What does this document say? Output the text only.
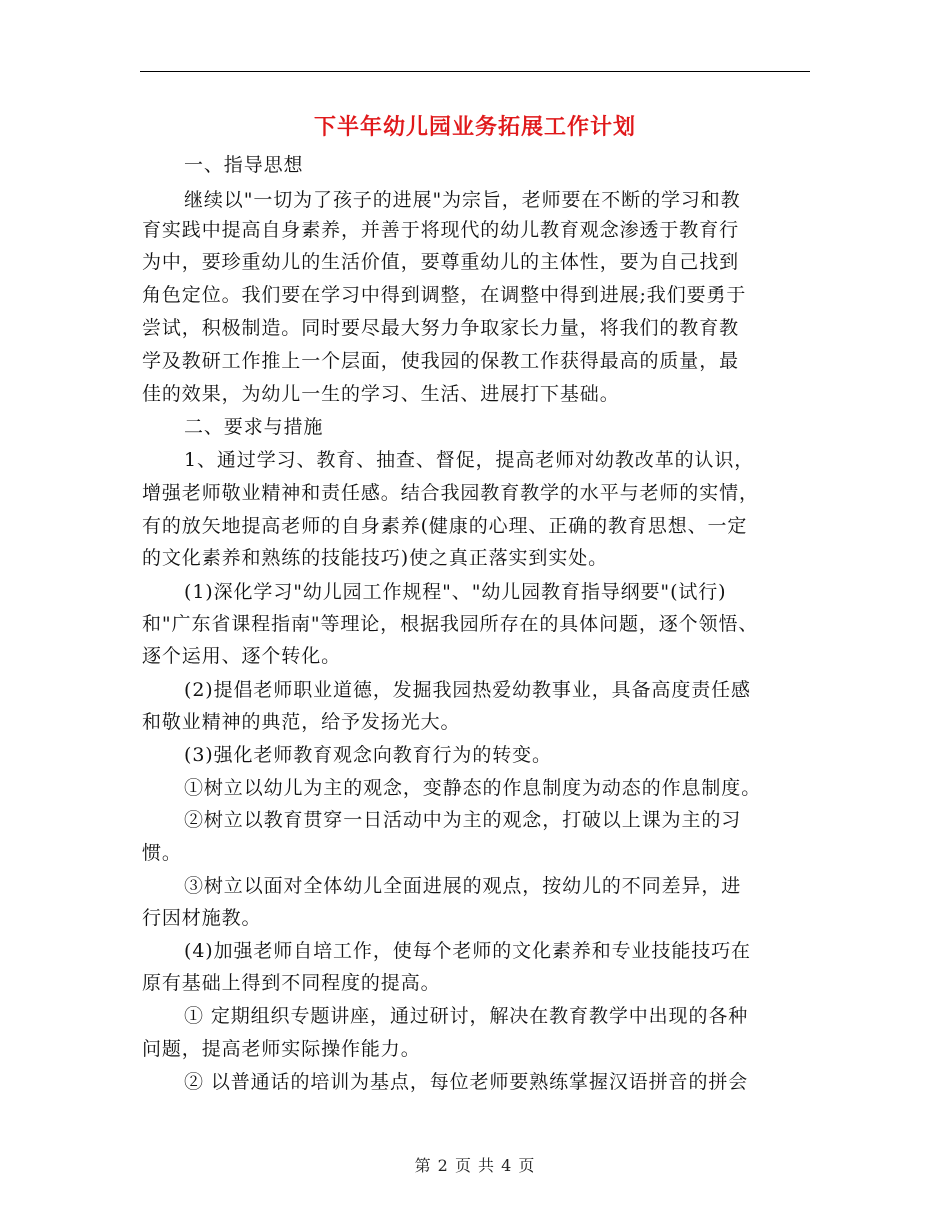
下半年幼儿园业务拓展工作计划
一、指导思想
继续以"一切为了孩子的进展"为宗旨，老师要在不断的学习和教
育实践中提高自身素养，并善于将现代的幼儿教育观念渗透于教育行
为中，要珍重幼儿的生活价值，要尊重幼儿的主体性，要为自己找到
角色定位。我们要在学习中得到调整，在调整中得到进展;我们要勇于
尝试，积极制造。同时要尽最大努力争取家长力量，将我们的教育教
学及教研工作推上一个层面，使我园的保教工作获得最高的质量，最
佳的效果，为幼儿一生的学习、生活、进展打下基础。
二、要求与措施
1、通过学习、教育、抽查、督促，提高老师对幼教改革的认识，
增强老师敬业精神和责任感。结合我园教育教学的水平与老师的实情，
有的放矢地提高老师的自身素养(健康的心理、正确的教育思想、一定
的文化素养和熟练的技能技巧)使之真正落实到实处。
(1)深化学习"幼儿园工作规程"、"幼儿园教育指导纲要"(试行)
和"广东省课程指南"等理论，根据我园所存在的具体问题，逐个领悟、
逐个运用、逐个转化。
(2)提倡老师职业道德，发掘我园热爱幼教事业，具备高度责任感
和敬业精神的典范，给予发扬光大。
(3)强化老师教育观念向教育行为的转变。
①树立以幼儿为主的观念，变静态的作息制度为动态的作息制度。
②树立以教育贯穿一日活动中为主的观念，打破以上课为主的习
惯。
③树立以面对全体幼儿全面进展的观点，按幼儿的不同差异，进
行因材施教。
(4)加强老师自培工作，使每个老师的文化素养和专业技能技巧在
原有基础上得到不同程度的提高。
① 定期组织专题讲座，通过研讨，解决在教育教学中出现的各种
问题，提高老师实际操作能力。
② 以普通话的培训为基点，每位老师要熟练掌握汉语拼音的拼会
第 2 页 共 4 页
